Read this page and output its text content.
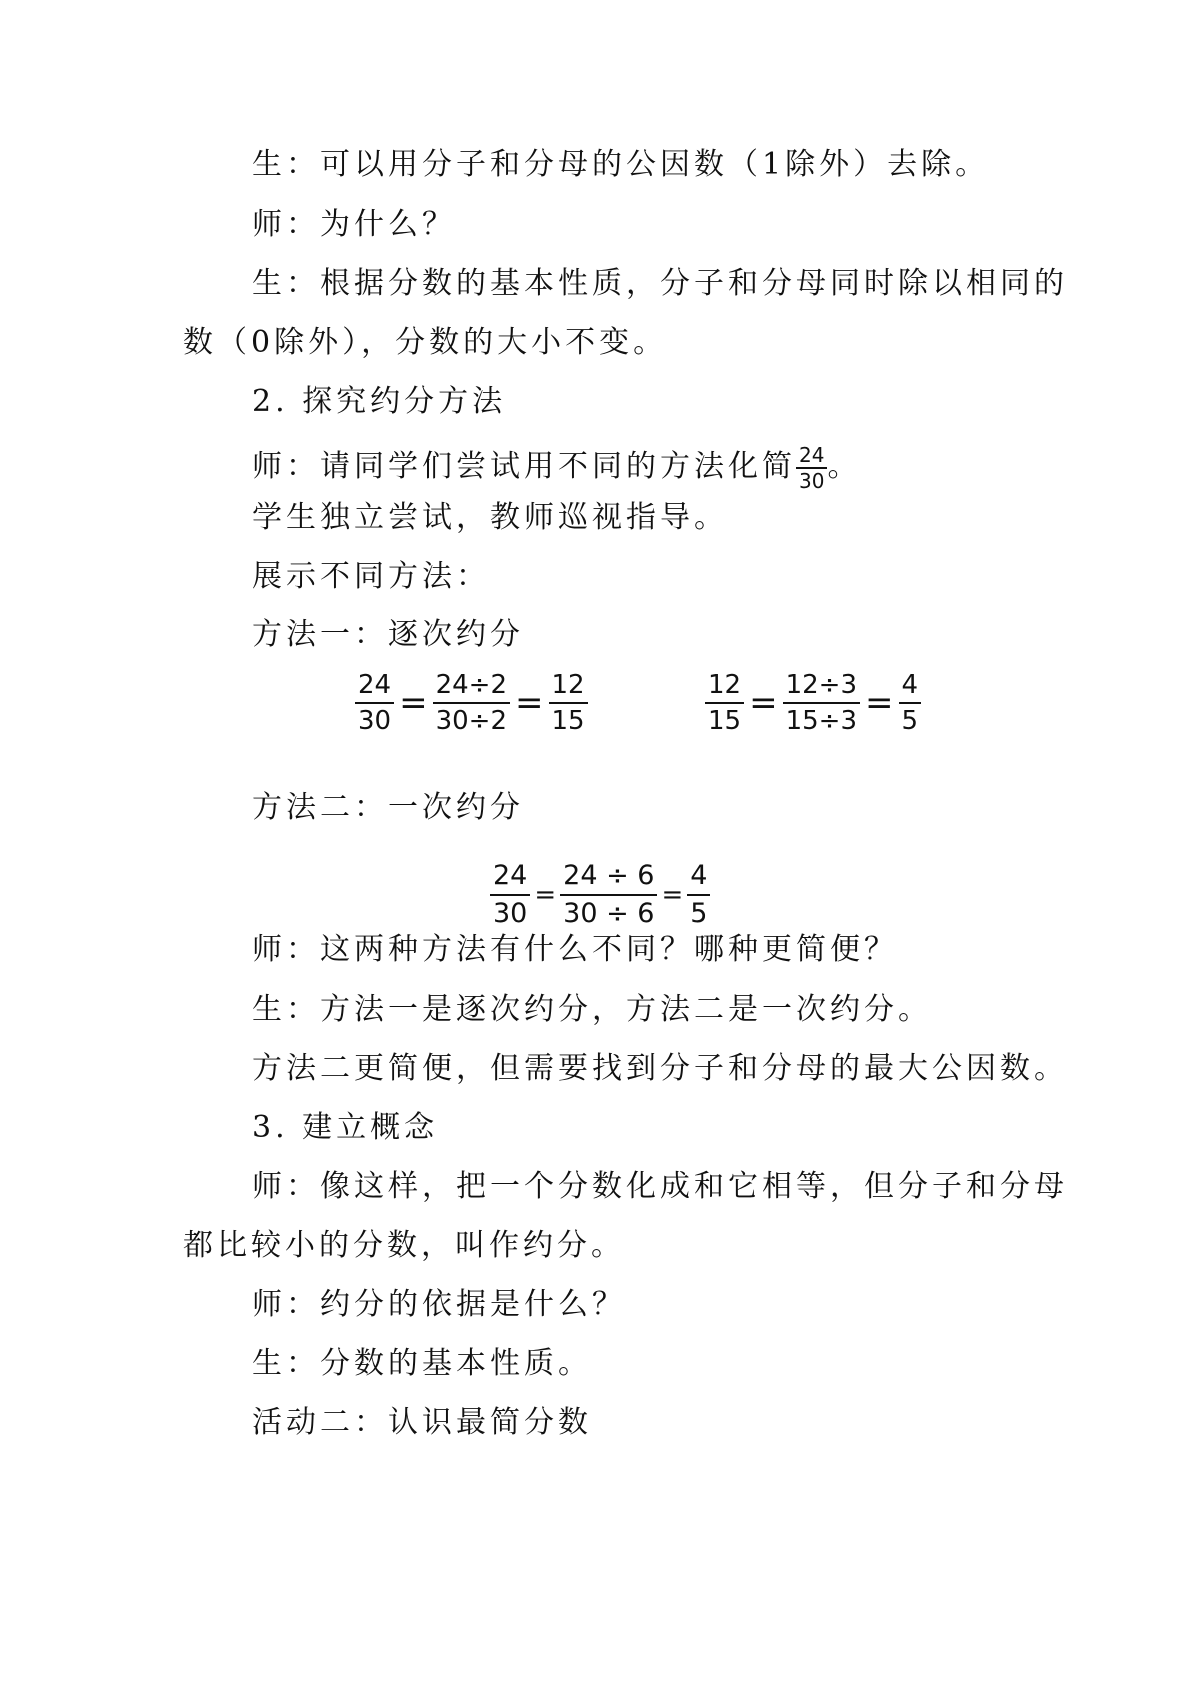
生：可以用分子和分母的公因数（1除外）去除。
师：为什么？
生：根据分数的基本性质，分子和分母同时除以相同的
数（0除外），分数的大小不变。
2. 探究约分方法
师：请同学们尝试用不同的方法化简 $\frac{24}{30}$ 。
学生独立尝试，教师巡视指导。
展示不同方法：
方法一：逐次约分
$\frac{24}{30} = \frac{24\div 2}{30\div 2} = \frac{12}{15}$	$\frac{12}{15} = \frac{12\div 3}{15\div 3} = \frac{4}{5}$
方法二：一次约分
$\frac{24}{30} = \frac{24 \div 6}{30 \div 6} = \frac{4}{5}$
师：这两种方法有什么不同？哪种更简便？
生：方法一是逐次约分，方法二是一次约分。
方法二更简便，但需要找到分子和分母的最大公因数。
3. 建立概念
师：像这样，把一个分数化成和它相等，但分子和分母
都比较小的分数，叫作约分。
师：约分的依据是什么？
生：分数的基本性质。
活动二：认识最简分数
